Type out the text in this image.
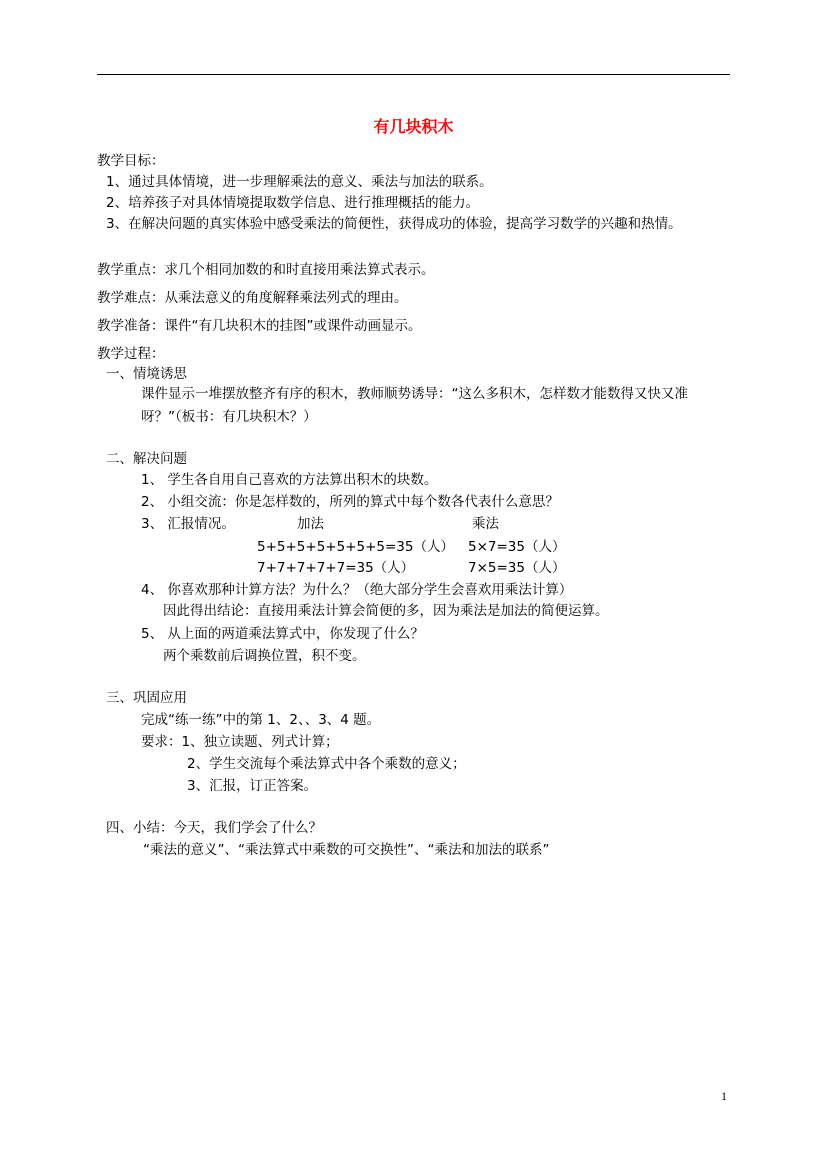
有几块积木
教学目标：
1、通过具体情境，进一步理解乘法的意义、乘法与加法的联系。
2、培养孩子对具体情境提取数学信息、进行推理概括的能力。
3、在解决问题的真实体验中感受乘法的简便性，获得成功的体验，提高学习数学的兴趣和热情。
教学重点：求几个相同加数的和时直接用乘法算式表示。
教学难点：从乘法意义的角度解释乘法列式的理由。
教学准备：课件“有几块积木的挂图”或课件动画显示。
教学过程：
一、情境诱思
课件显示一堆摆放整齐有序的积木，教师顺势诱导：“这么多积木，怎样数才能数得又快又准
呀？”（板书：有几块积木？）
二、解决问题
1、 学生各自用自己喜欢的方法算出积木的块数。
2、 小组交流：你是怎样数的，所列的算式中每个数各代表什么意思？
3、 汇报情况。	加法	乘法
5+5+5+5+5+5+5=35（人） 5×7=35（人）
7+7+7+7+7=35（人）	7×5=35（人）
4、 你喜欢那种计算方法？为什么？（绝大部分学生会喜欢用乘法计算）
因此得出结论：直接用乘法计算会简便的多，因为乘法是加法的简便运算。
5、 从上面的两道乘法算式中，你发现了什么？
两个乘数前后调换位置，积不变。
三、巩固应用
完成“练一练”中的第 1、2、、3、4 题。
要求：1、独立读题、列式计算；
2、学生交流每个乘法算式中各个乘数的意义；
3、汇报，订正答案。
四、小结：今天，我们学会了什么？
“乘法的意义”、“乘法算式中乘数的可交换性”、“乘法和加法的联系”
1
